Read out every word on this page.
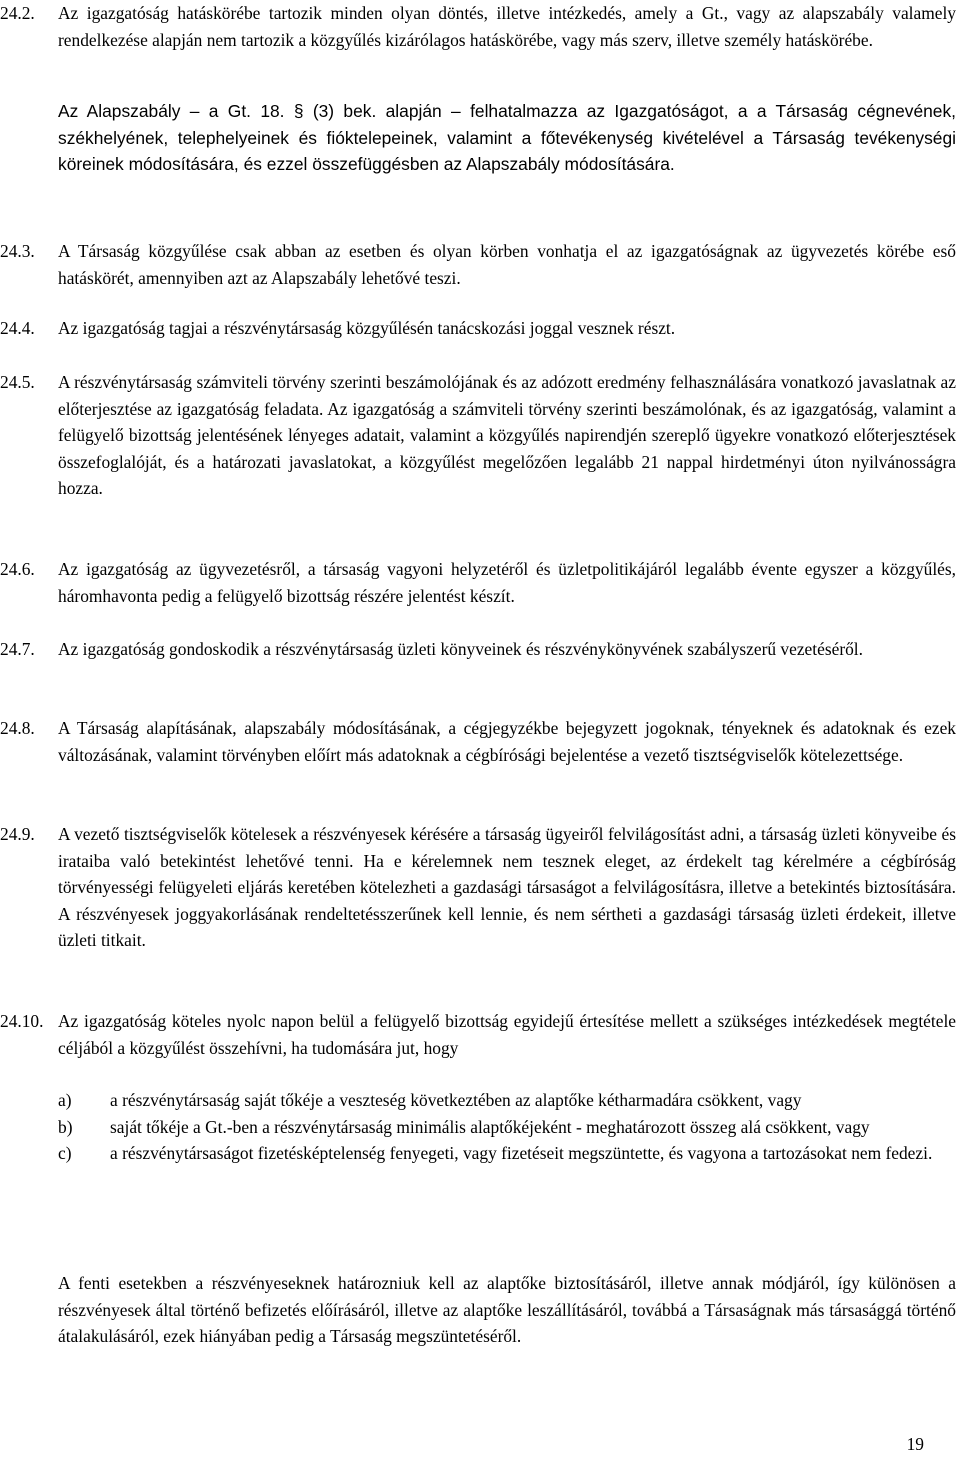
24.2. Az igazgatóság hatáskörébe tartozik minden olyan döntés, illetve intézkedés, amely a Gt., vagy az alapszabály valamely rendelkezése alapján nem tartozik a közgyűlés kizárólagos hatáskörébe, vagy más szerv, illetve személy hatáskörébe.
Az Alapszabály – a Gt. 18. § (3) bek. alapján – felhatalmazza az Igazgatóságot, a a Társaság cégnevének, székhelyének, telephelyeinek és fióktelepeinek, valamint a főtevékenység kivételével a Társaság tevékenységi köreinek módosítására, és ezzel összefüggésben az Alapszabály módosítására.
24.3. A Társaság közgyűlése csak abban az esetben és olyan körben vonhatja el az igazgatóságnak az ügyvezetés körébe eső hatáskörét, amennyiben azt az Alapszabály lehetővé teszi.
24.4. Az igazgatóság tagjai a részvénytársaság közgyűlésén tanácskozási joggal vesznek részt.
24.5. A részvénytársaság számviteli törvény szerinti beszámolójának és az adózott eredmény felhasználására vonatkozó javaslatnak az előterjesztése az igazgatóság feladata. Az igazgatóság a számviteli törvény szerinti beszámolónak, és az igazgatóság, valamint a felügyelő bizottság jelentésének lényeges adatait, valamint a közgyűlés napirendjén szereplő ügyekre vonatkozó előterjesztések összefoglalóját, és a határozati javaslatokat, a közgyűlést megelőzően legalább 21 nappal hirdetményi úton nyilvánosságra hozza.
24.6. Az igazgatóság az ügyvezetésről, a társaság vagyoni helyzetéről és üzletpolitikájáról legalább évente egyszer a közgyűlés, háromhavonta pedig a felügyelő bizottság részére jelentést készít.
24.7. Az igazgatóság gondoskodik a részvénytársaság üzleti könyveinek és részvénykönyvének szabályszerű vezetéséről.
24.8. A Társaság alapításának, alapszabály módosításának, a cégjegyzékbe bejegyzett jogoknak, tényeknek és adatoknak és ezek változásának, valamint törvényben előírt más adatoknak a cégbírósági bejelentése a vezető tisztségviselők kötelezettsége.
24.9. A vezető tisztségviselők kötelesek a részvényesek kérésére a társaság ügyeiről felvilágosítást adni, a társaság üzleti könyveibe és irataiba való betekintést lehetővé tenni. Ha e kérelemnek nem tesznek eleget, az érdekelt tag kérelmére a cégbíróság törvényességi felügyeleti eljárás keretében kötelezheti a gazdasági társaságot a felvilágosításra, illetve a betekintés biztosítására. A részvényesek joggyakorlásának rendeltetésszerűnek kell lennie, és nem sértheti a gazdasági társaság üzleti érdekeit, illetve üzleti titkait.
24.10. Az igazgatóság köteles nyolc napon belül a felügyelő bizottság egyidejű értesítése mellett a szükséges intézkedések megtétele céljából a közgyűlést összehívni, ha tudomására jut, hogy
a) a részvénytársaság saját tőkéje a veszteség következtében az alaptőke kétharmadára csökkent, vagy
b) saját tőkéje a Gt.-ben a részvénytársaság minimális alaptőkéjeként - meghatározott összeg alá csökkent, vagy
c) a részvénytársaságot fizetésképtelenség fenyegeti, vagy fizetéseit megszüntette, és vagyona a tartozásokat nem fedezi.
A fenti esetekben a részvényeseknek határozniuk kell az alaptőke biztosításáról, illetve annak módjáról, így különösen a részvényesek által történő befizetés előírásáról, illetve az alaptőke leszállításáról, továbbá a Társaságnak más társasággá történő átalakulásáról, ezek hiányában pedig a Társaság megszüntetéséről.
19
